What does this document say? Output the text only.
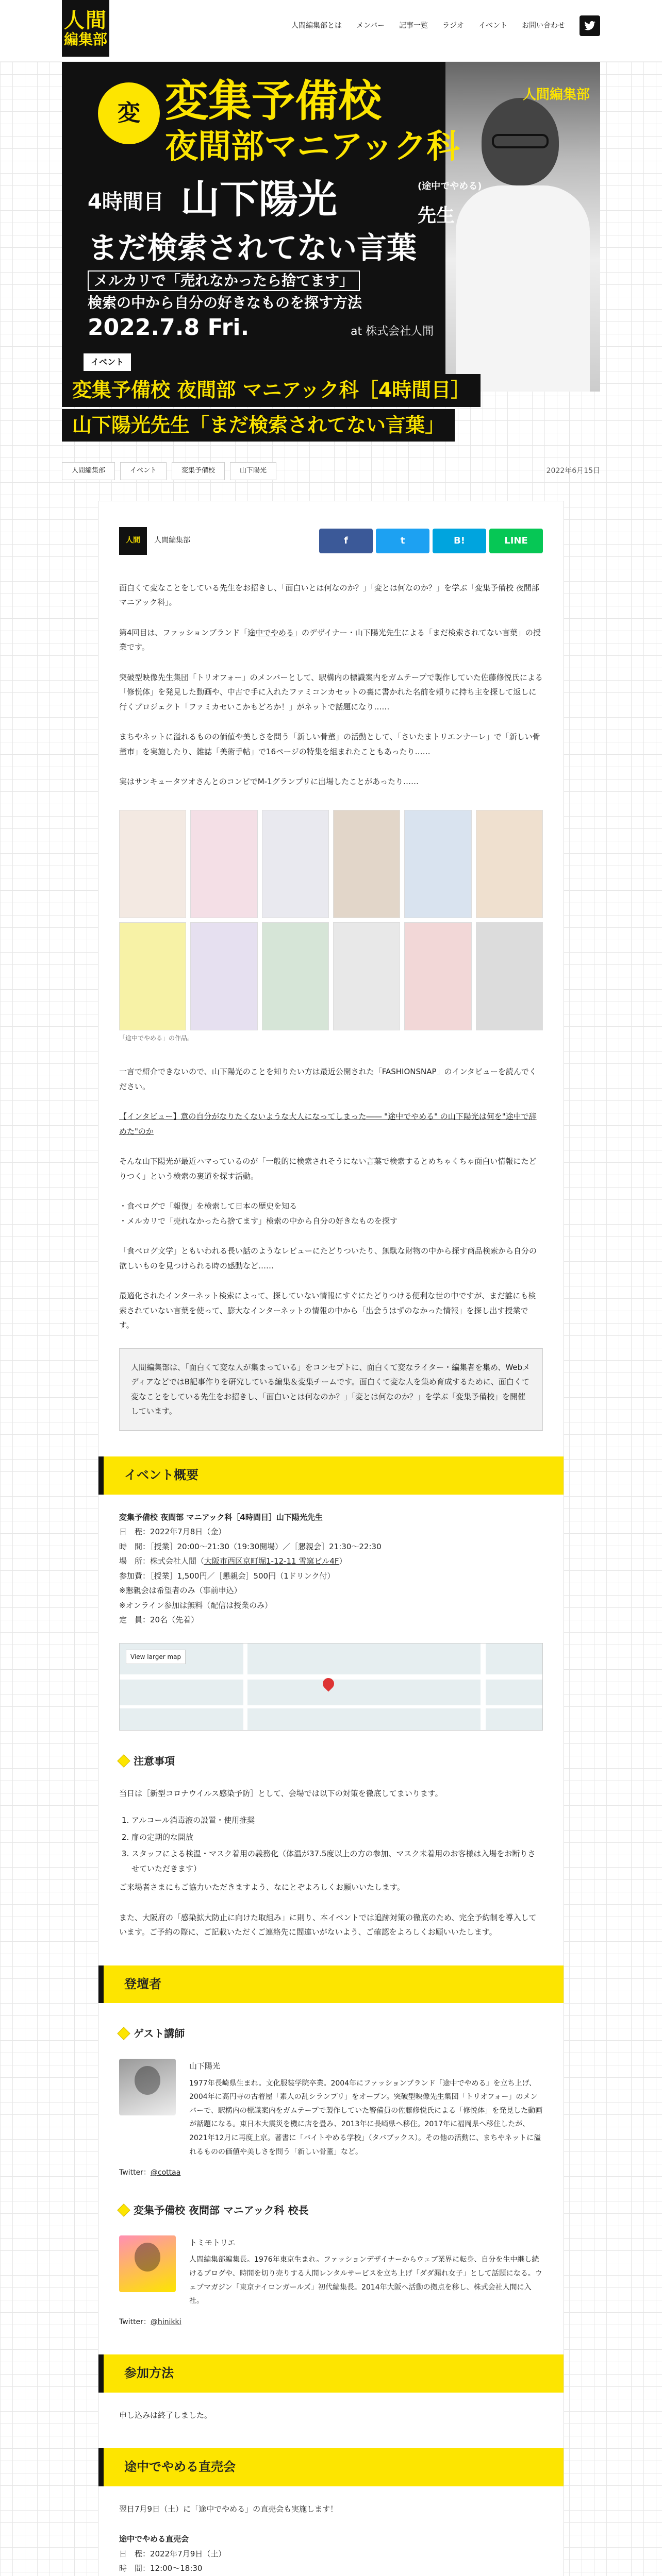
人間
編集部
人間編集部とは メンバー 記事一覧 ラジオ イベント お問い合わせ
人間編集部
変 変集予備校
夜間部マニアック科
4時間目 山下陽光	(途中でやめる)
先生
まだ検索されてない言葉
メルカリで「売れなかったら捨てます」
検索の中から自分の好きなものを探す方法
2022.7.8 Fri.	at 株式会社人間
イベント
変集予備校 夜間部 マニアック科［4時間目］
山下陽光先生「まだ検索されてない言葉」
人間編集部	イベント	変集予備校	山下陽光	2022年6月15日
人間 人間編集部	f	t	B!	LINE

面白くて変なことをしている先生をお招きし、「面白いとは何なのか？」「変とは何なのか？」を学ぶ「変集予備校 夜間部 マニアック科」。

第4回目は、ファッションブランド「途中でやめる」のデザイナー・山下陽光先生による「まだ検索されてない言葉」の授業です。

突破型映像先生集団「トリオフォー」のメンバーとして、駅構内の標識案内をガムテープで製作していた佐藤修悦氏による「修悦体」を発見した動画や、中古で手に入れたファミコンカセットの裏に書かれた名前を頼りに持ち主を探して返しに行くプロジェクト「ファミカセいこかもどろか！」がネットで話題になり……

まちやネットに溢れるものの価値や美しさを問う「新しい骨董」の活動として、「さいたまトリエンナーレ」で「新しい骨董市」を実施したり、雑誌「美術手帖」で16ページの特集を組まれたこともあったり……

実はサンキュータツオさんとのコンビでM-1グランプリに出場したことがあったり……

「途中でやめる」の作品。

一言で紹介できないので、山下陽光のことを知りたい方は最近公開された「FASHIONSNAP」のインタビューを読んでください。

【インタビュー】意の自分がなりたくないような大人になってしまった―― "途中でやめる" の山下陽光は何を"途中で辞めた"のか

そんな山下陽光が最近ハマっているのが「一般的に検索されそうにない言葉で検索するとめちゃくちゃ面白い情報にたどりつく」という検索の裏道を探す活動。

・食べログで「報復」を検索して日本の歴史を知る
・メルカリで「売れなかったら捨てます」検索の中から自分の好きなものを探す

「食べログ文学」ともいわれる長い話のようなレビューにたどりついたり、無駄な財物の中から探す商品検索から自分の欲しいものを見つけられる時の感動など……

最適化されたインターネット検索によって、探していない情報にすぐにたどりつける便利な世の中ですが、まだ誰にも検索されていない言葉を使って、膨大なインターネットの情報の中から「出会うはずのなかった情報」を探し出す授業です。

人間編集部は、「面白くて変な人が集まっている」をコンセプトに、面白くて変なライター・編集者を集め、WebメディアなどではB記事作りを研究している編集＆変集チームです。面白くて変な人を集め育成するために、面白くて変なことをしている先生をお招きし、「面白いとは何なのか？」「変とは何なのか？」を学ぶ「変集予備校」を開催しています。
イベント概要

変集予備校 夜間部 マニアック科［4時間目］山下陽光先生

日　程：2022年7月8日（金）

時　間：［授業］20:00〜21:30（19:30開場）／［懇親会］21:30〜22:30

場　所：株式会社人間（大阪市西区京町堀1-12-11 雪窯ビル4F）

参加費：［授業］1,500円／［懇親会］500円（1ドリンク付）

※懇親会は希望者のみ（事前申込）

※オンライン参加は無料（配信は授業のみ）

定　員：20名（先着）

View larger map
注意事項

当日は［新型コロナウイルス感染予防］として、会場では以下の対策を徹底してまいります。

1. アルコール消毒液の設置・使用推奨
2. 扉の定期的な開放
3. スタッフによる検温・マスク着用の義務化（体温が37.5度以上の方の参加、マスク未着用のお客様は入場をお断りさせていただきます）

ご来場者さまにもご協力いただきますよう、なにとぞよろしくお願いいたします。

また、大阪府の「感染拡大防止に向けた取組み」に則り、本イベントでは追跡対策の徹底のため、完全予約制を導入しています。ご予約の際に、ご記載いただくご連絡先に間違いがないよう、ご確認をよろしくお願いいたします。

登壇者
ゲスト講師
山下陽光
1977年長崎県生まれ。文化服装学院卒業。2004年にファッションブランド「途中でやめる」を立ち上げ、2004年に高円寺の古着屋「素人の乱シランプリ」をオープン。突破型映像先生集団「トリオフォー」のメンバーで、駅構内の標識案内をガムテープで製作していた警備員の佐藤修悦氏による「修悦体」を発見した動画が話題になる。東日本大震災を機に店を畳み、2013年に長崎県へ移住。2017年に福岡県へ移住したが、2021年12月に再度上京。著書に「バイトやめる学校」（タバブックス）。その他の活動に、まちやネットに溢れるものの価値や美しさを問う「新しい骨董」など。
Twitter：@cottaa
変集予備校 夜間部 マニアック科 校長
トミモトリエ
人間編集部編集長。1976年東京生まれ。ファッションデザイナーからウェブ業界に転身、自分を生中継し続けるブログや、時間を切り売りする人間レンタルサービスを立ち上げ「ダダ漏れ女子」として話題になる。ウェブマガジン「東京ナイロンガールズ」初代編集長。2014年大阪へ活動の拠点を移し、株式会社人間に入社。
Twitter：@hinikki
参加方法

申し込みは終了しました。

途中でやめる直売会

翌日7月9日（土）に「途中でやめる」の直売会も実施します！

途中でやめる直売会

日　程：2022年7月9日（土）

時　間：12:00〜18:30
